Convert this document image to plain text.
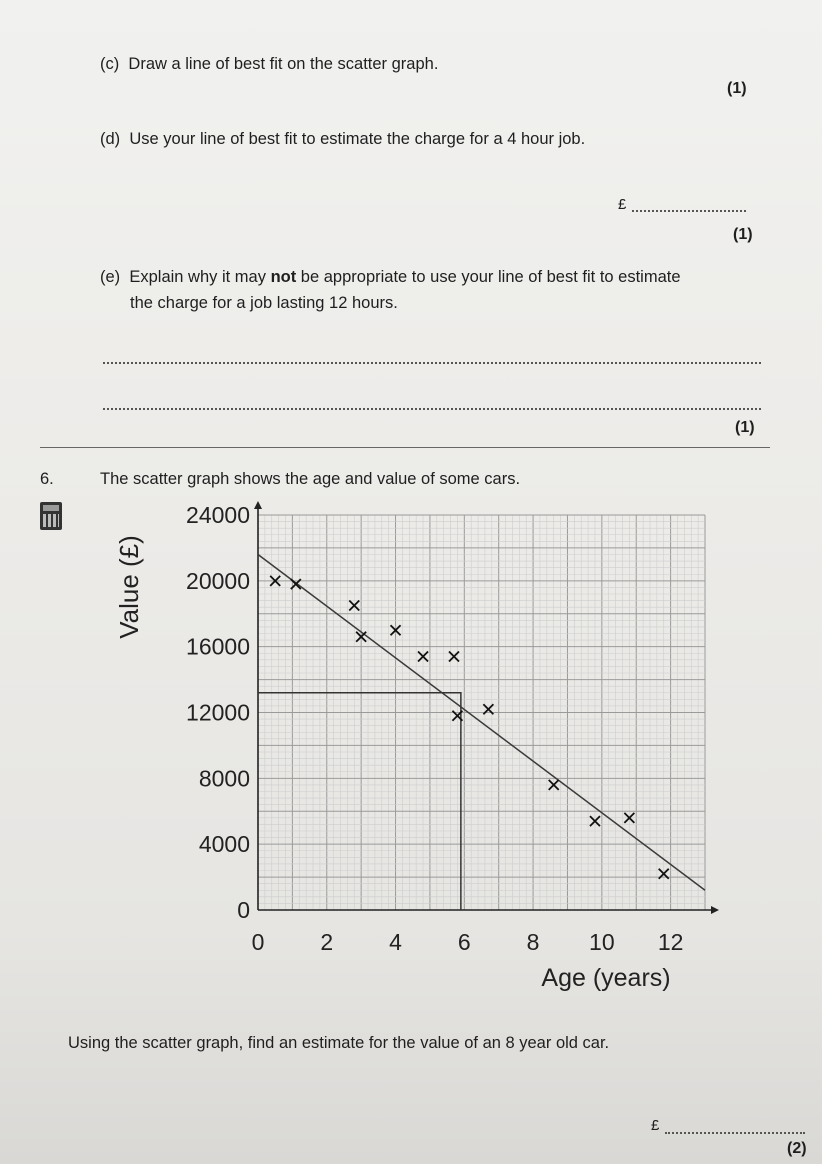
(c) Draw a line of best fit on the scatter graph.
(1)
(d) Use your line of best fit to estimate the charge for a 4 hour job.
£
(1)
(e) Explain why it may not be appropriate to use your line of best fit to estimate
the charge for a job lasting 12 hours.
(1)
6.	The scatter graph shows the age and value of some cars.
0 2 4 6 8 10 12
0
4000
8000
12000
16000
20000
24000
Value (£)
Age (years)
Using the scatter graph, find an estimate for the value of an 8 year old car.
£
(2)
